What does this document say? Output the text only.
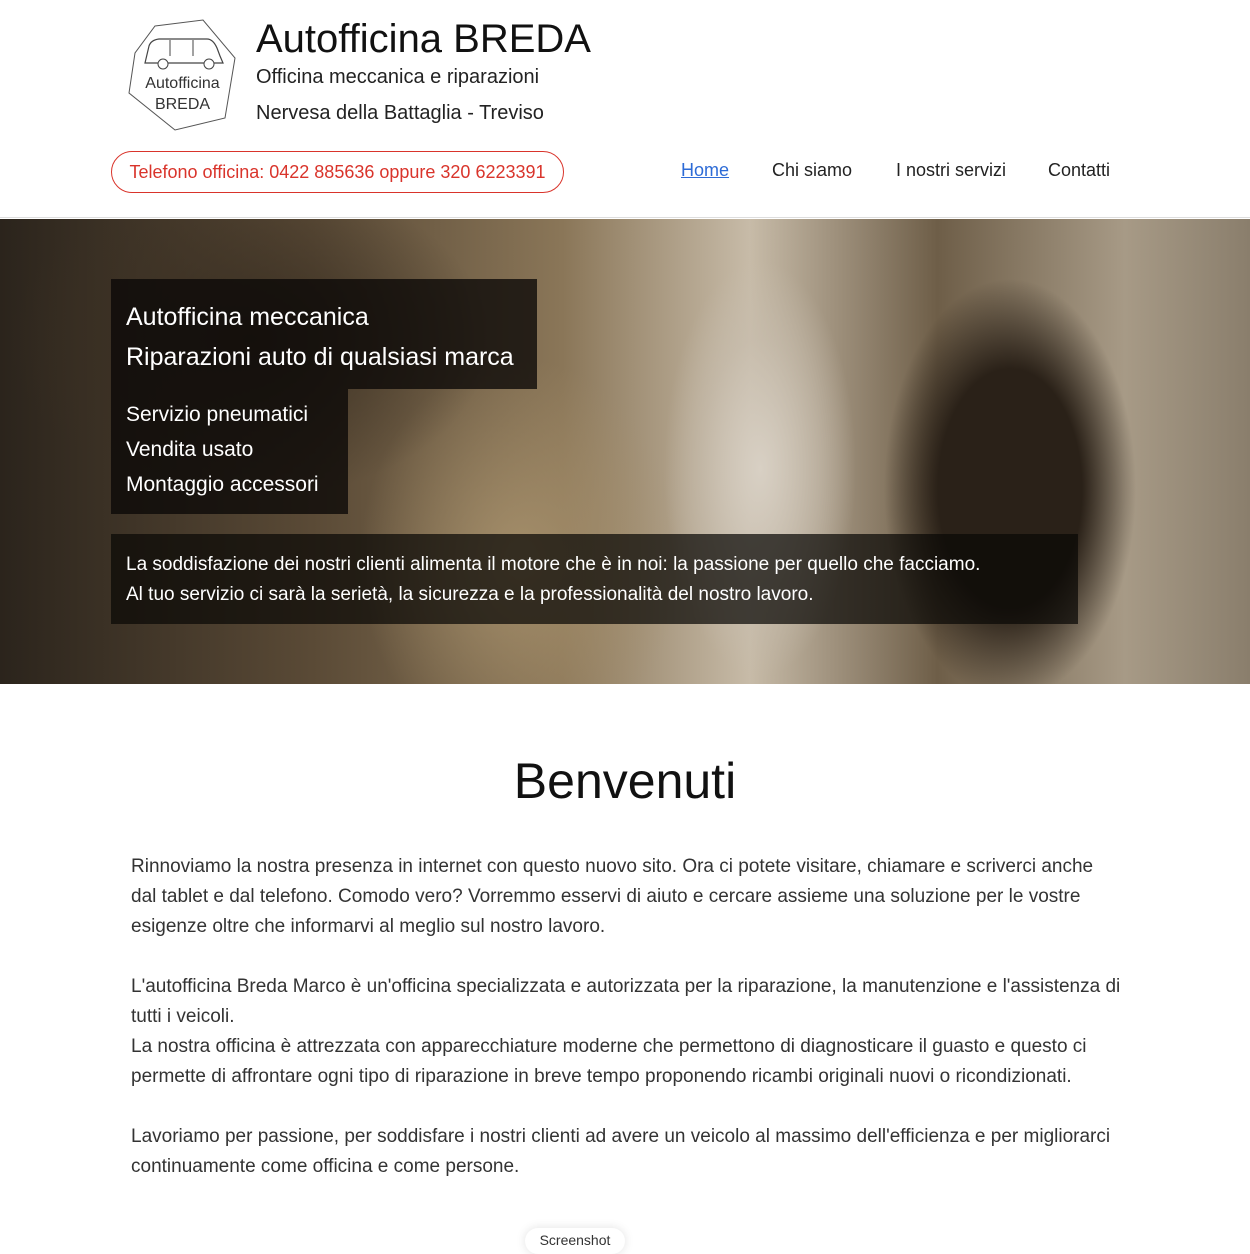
Autofficina
BREDA
Autofficina BREDA
Officina meccanica e riparazioni
Nervesa della Battaglia - Treviso
Telefono officina: 0422 885636 oppure 320 6223391	Home Chi siamo I nostri servizi Contatti
Autofficina meccanica
Riparazioni auto di qualsiasi marca
Servizio pneumatici
Vendita usato
Montaggio accessori
La soddisfazione dei nostri clienti alimenta il motore che è in noi: la passione per quello che facciamo.
Al tuo servizio ci sarà la serietà, la sicurezza e la professionalità del nostro lavoro.
Benvenuti

Rinnoviamo la nostra presenza in internet con questo nuovo sito. Ora ci potete visitare, chiamare e scriverci anche dal tablet e dal telefono. Comodo vero? Vorremmo esservi di aiuto e cercare assieme una soluzione per le vostre esigenze oltre che informarvi al meglio sul nostro lavoro.

L'autofficina Breda Marco è un'officina specializzata e autorizzata per la riparazione, la manutenzione e l'assistenza di tutti i veicoli.

La nostra officina è attrezzata con apparecchiature moderne che permettono di diagnosticare il guasto e questo ci permette di affrontare ogni tipo di riparazione in breve tempo proponendo ricambi originali nuovi o ricondizionati.

Lavoriamo per passione, per soddisfare i nostri clienti ad avere un veicolo al massimo dell'efficienza e per migliorarci continuamente come officina e come persone.

Screenshot
